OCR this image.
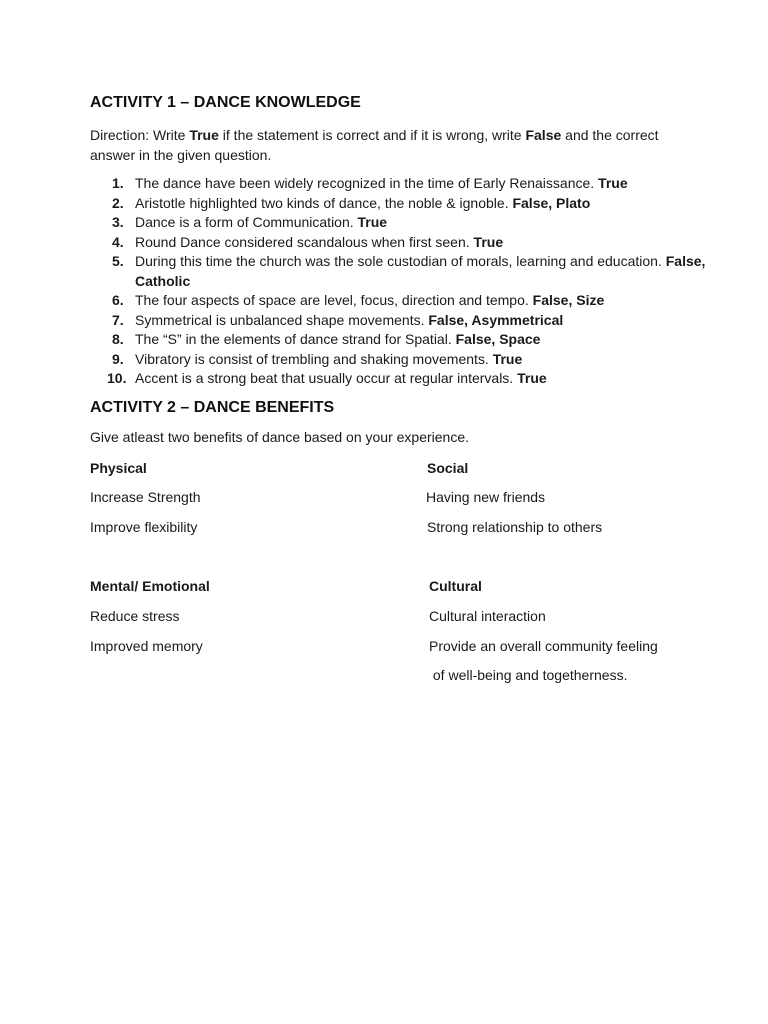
ACTIVITY 1 – DANCE KNOWLEDGE
Direction: Write True if the statement is correct and if it is wrong, write False and the correct answer in the given question.
1. The dance have been widely recognized in the time of Early Renaissance. True
2. Aristotle highlighted two kinds of dance, the noble & ignoble. False, Plato
3. Dance is a form of Communication. True
4. Round Dance considered scandalous when first seen. True
5. During this time the church was the sole custodian of morals, learning and education. False, Catholic
6. The four aspects of space are level, focus, direction and tempo. False, Size
7. Symmetrical is unbalanced shape movements. False, Asymmetrical
8. The “S” in the elements of dance strand for Spatial. False, Space
9. Vibratory is consist of trembling and shaking movements. True
10. Accent is a strong beat that usually occur at regular intervals. True
ACTIVITY 2 – DANCE BENEFITS
Give atleast two benefits of dance based on your experience.
Physical
Increase Strength
Improve flexibility
Social
Having new friends
Strong relationship to others
Mental/ Emotional
Reduce stress
Improved memory
Cultural
Cultural interaction
Provide an overall community feeling
of well-being and togetherness.
